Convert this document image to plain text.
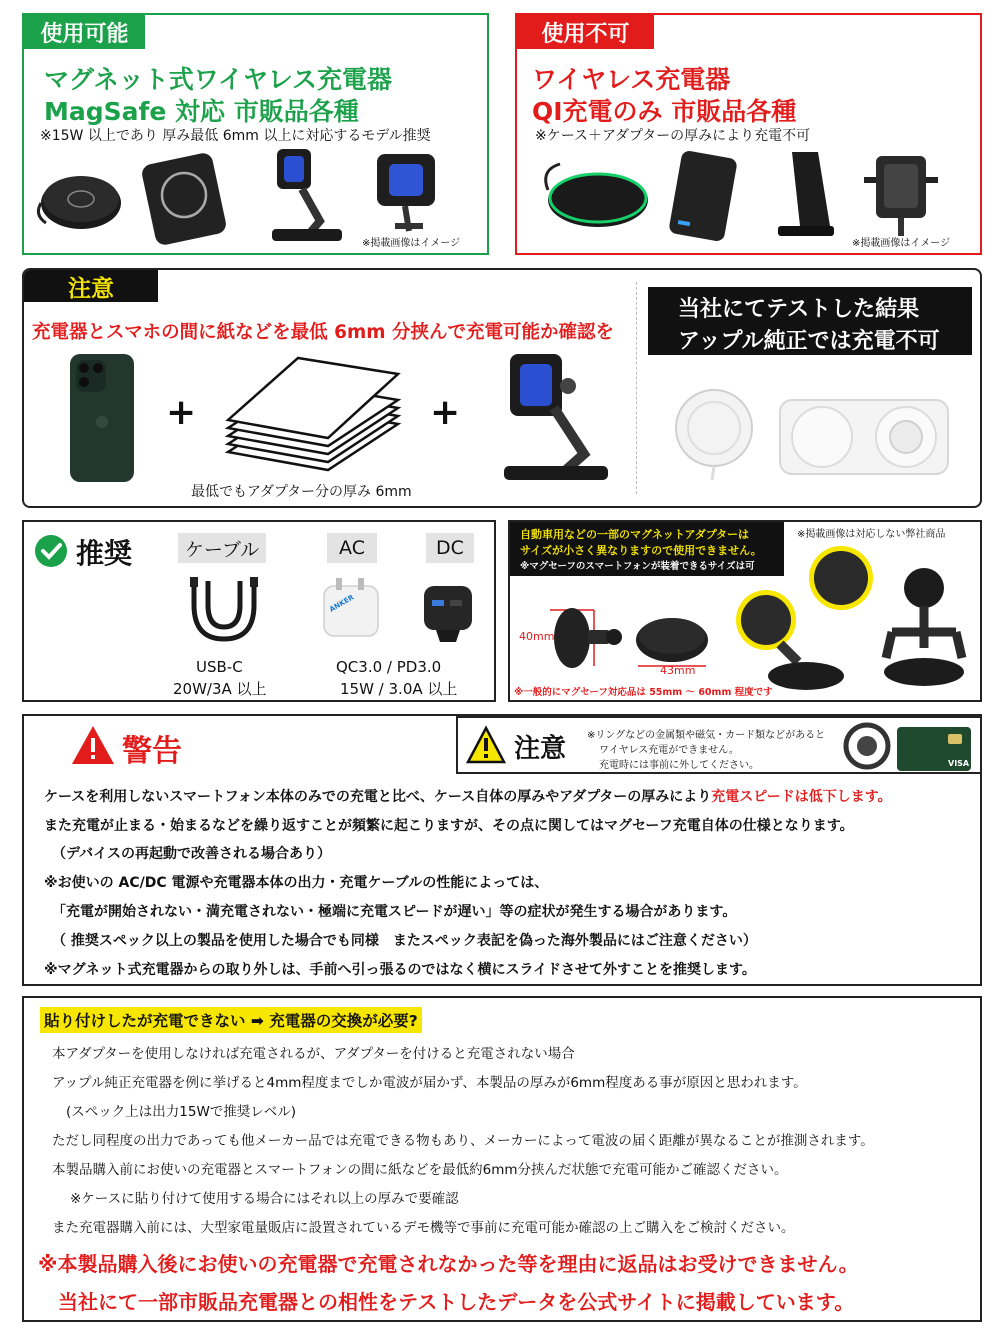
使用可能
マグネット式ワイヤレス充電器
MagSafe 対応 市販品各種
※15W 以上であり 厚み最低 6mm 以上に対応するモデル推奨
※掲載画像はイメージ
使用不可
ワイヤレス充電器
QI充電のみ 市販品各種
※ケース＋アダプターの厚みにより充電不可
※掲載画像はイメージ
注意
充電器とスマホの間に紙などを最低 6mm 分挟んで充電可能か確認を
+
最低でもアダプター分の厚み 6mm
+
当社にてテストした結果
アップル純正では充電不可
推奨	ケーブル	AC	DC
USB-C
20W/3A 以上
ANKER
QC3.0 / PD3.0
15W / 3.0A 以上
自動車用などの一部のマグネットアダプターは
サイズが小さく異なりますので使用できません。
※マグセーフのスマートフォンが装着できるサイズは可
※掲載画像は対応しない弊社商品
40mm
43mm
※一般的にマグセーフ対応品は 55mm ～ 60mm 程度です
警告	注意 ※リングなどの金属類や磁気・カード類などがあると
ワイヤレス充電ができません。
充電時には事前に外してください。	VISA
ケースを利用しないスマートフォン本体のみでの充電と比べ、ケース自体の厚みやアダプターの厚みにより充電スピードは低下します。
また充電が止まる・始まるなどを繰り返すことが頻繁に起こりますが、その点に関してはマグセーフ充電自体の仕様となります。
（デバイスの再起動で改善される場合あり）
※お使いの AC/DC 電源や充電器本体の出力・充電ケーブルの性能によっては、
「充電が開始されない・満充電されない・極端に充電スピードが遅い」等の症状が発生する場合があります。
（ 推奨スペック以上の製品を使用した場合でも同様　またスペック表記を偽った海外製品にはご注意ください）
※マグネット式充電器からの取り外しは、手前へ引っ張るのではなく横にスライドさせて外すことを推奨します。
貼り付けしたが充電できない ➡ 充電器の交換が必要?
本アダプターを使用しなければ充電されるが、アダプターを付けると充電されない場合
アップル純正充電器を例に挙げると4mm程度までしか電波が届かず、本製品の厚みが6mm程度ある事が原因と思われます。
(スペック上は出力15Wで推奨レベル)
ただし同程度の出力であっても他メーカー品では充電できる物もあり、メーカーによって電波の届く距離が異なることが推測されます。
本製品購入前にお使いの充電器とスマートフォンの間に紙などを最低約6mm分挟んだ状態で充電可能かご確認ください。
※ケースに貼り付けて使用する場合にはそれ以上の厚みで要確認
また充電器購入前には、大型家電量販店に設置されているデモ機等で事前に充電可能か確認の上ご購入をご検討ください。
※本製品購入後にお使いの充電器で充電されなかった等を理由に返品はお受けできません。
当社にて一部市販品充電器との相性をテストしたデータを公式サイトに掲載しています。
